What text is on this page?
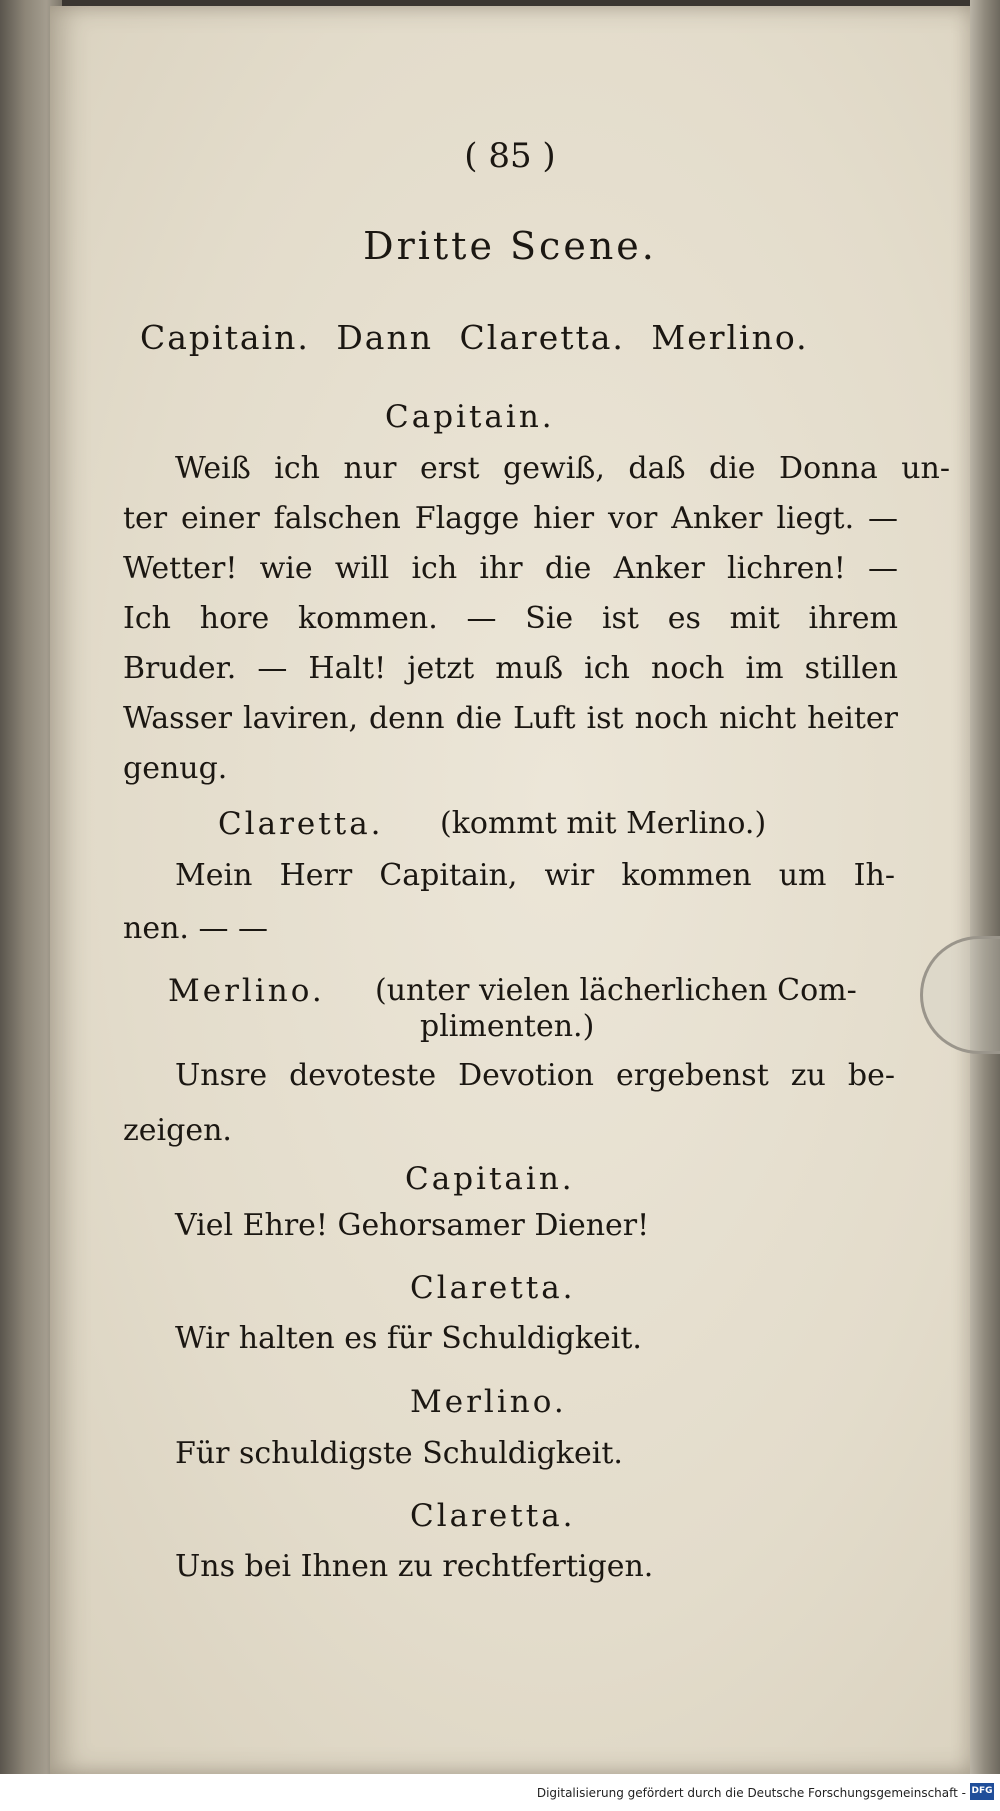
( 85 )
Dritte Scene.
Capitain. Dann Claretta. Merlino.
Capitain.
Weiß ich nur erst gewiß, daß die Donna un-
ter einer falschen Flagge hier vor Anker liegt. —
Wetter! wie will ich ihr die Anker lichren! —
Ich hore kommen. — Sie ist es mit ihrem
Bruder. — Halt! jetzt muß ich noch im stillen
Wasser laviren, denn die Luft ist noch nicht heiter
genug.
Claretta. (kommt mit Merlino.)
Mein Herr Capitain, wir kommen um Ih-
nen. — —
Merlino. (unter vielen lächerlichen Com-
plimenten.)
Unsre devoteste Devotion ergebenst zu be-
zeigen.
Capitain.
Viel Ehre! Gehorsamer Diener!
Claretta.
Wir halten es für Schuldigkeit.
Merlino.
Für schuldigste Schuldigkeit.
Claretta.
Uns bei Ihnen zu rechtfertigen.
Digitalisierung gefördert durch die Deutsche Forschungsgemeinschaft - DFG
